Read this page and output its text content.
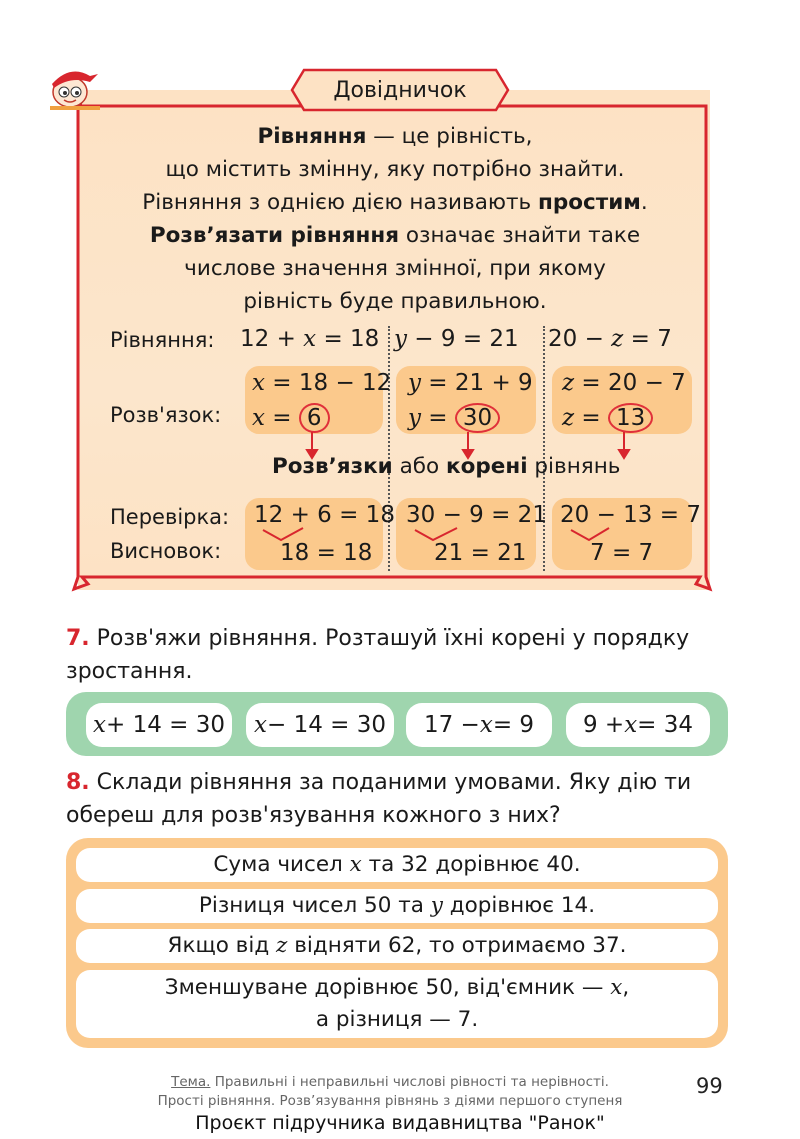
Довідничок
Рівняння — це рівність,
що містить змінну, яку потрібно знайти.
Рівняння з однією дією називають простим.
Розв’язати рівняння означає знайти таке
числове значення змінної, при якому
рівність буде правильною.
Рівняння:
Розв'язок:
Перевірка:
Висновок:
12 + x = 18 y − 9 = 21 20 − z = 7
x = 18 − 12
x = 6
y = 21 + 9
y = 30
z = 20 − 7
z = 13
Розв’язки або корені рівнянь
12 + 6 = 18
18 = 18
30 − 9 = 21
21 = 21
20 − 13 = 7
7 = 7
7. Розв'яжи рівняння. Розташуй їхні корені у порядку
зростання.
x + 14 = 30 x − 14 = 30 17 − x = 9 9 + x = 34
8. Склади рівняння за поданими умовами. Яку дію ти
обереш для розв'язування кожного з них?
Сума чисел x та 32 дорівнює 40.
Різниця чисел 50 та y дорівнює 14.
Якщо від z відняти 62, то отримаємо 37.
Зменшуване дорівнює 50, від'ємник — x,
а різниця — 7.
Тема. Правильні і неправильні числові рівності та нерівності.
Прості рівняння. Розв’язування рівнянь з діями першого ступеня
99
Проєкт підручника видавництва "Ранок"
